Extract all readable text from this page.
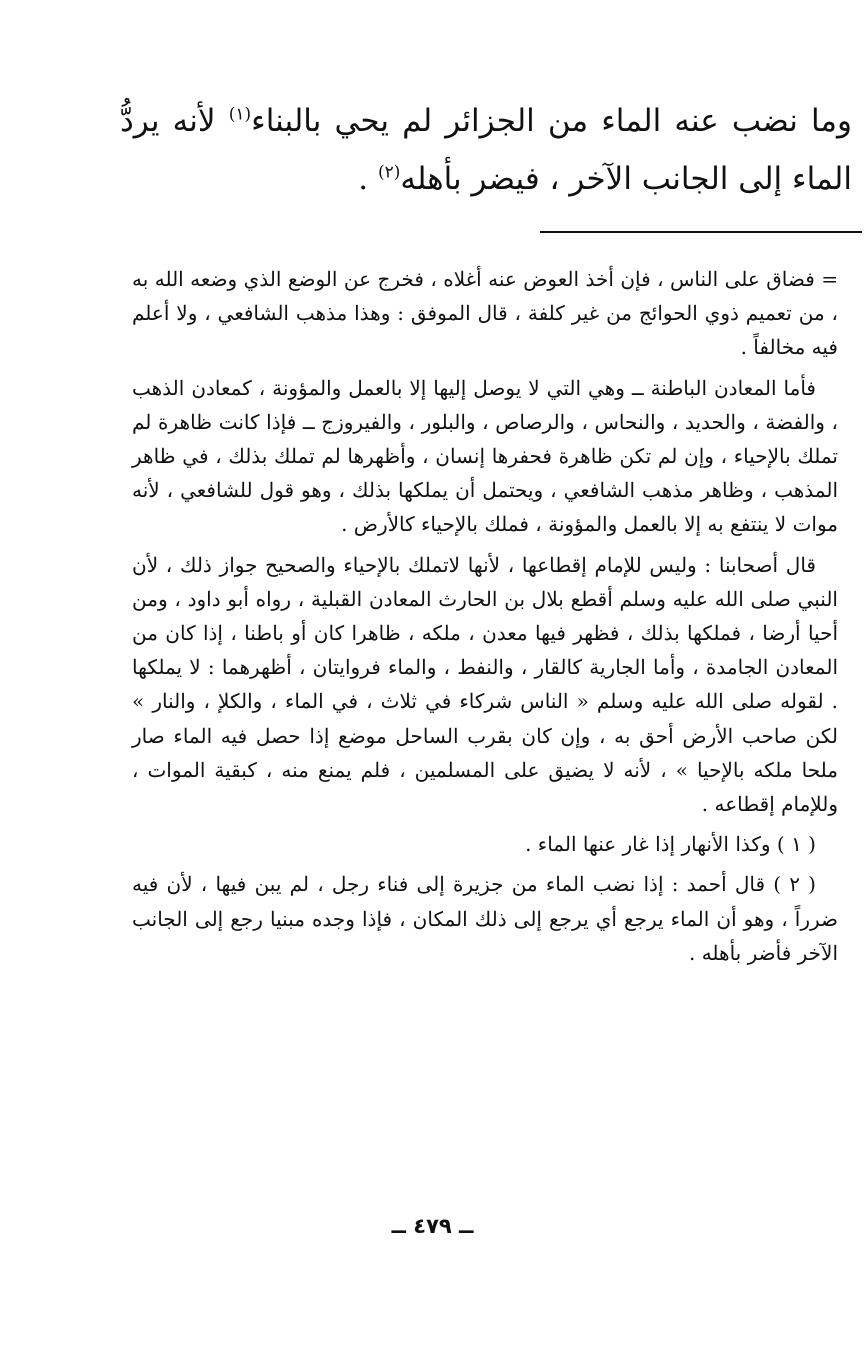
وما نضب عنه الماء من الجزائر لم يحي بالبناء$^{(١)}$ لأنه يردُّ الماء إلى الجانب الآخر ، فيضر بأهله$^{(٢)}$ .

= فضاق على الناس ، فإن أخذ العوض عنه أغلاه ، فخرج عن الوضع الذي وضعه الله به ، من تعميم ذوي الحوائج من غير كلفة ، قال الموفق : وهذا مذهب الشافعي ، ولا أعلم فيه مخالفاً .

فأما المعادن الباطنة ــ وهي التي لا يوصل إليها إلا بالعمل والمؤونة ، كمعادن الذهب ، والفضة ، والحديد ، والنحاس ، والرصاص ، والبلور ، والفيروزج ــ فإذا كانت ظاهرة لم تملك بالإحياء ، وإن لم تكن ظاهرة فحفرها إنسان ، وأظهرها لم تملك بذلك ، في ظاهر المذهب ، وظاهر مذهب الشافعي ، ويحتمل أن يملكها بذلك ، وهو قول للشافعي ، لأنه موات لا ينتفع به إلا بالعمل والمؤونة ، فملك بالإحياء كالأرض .

قال أصحابنا : وليس للإمام إقطاعها ، لأنها لاتملك بالإحياء والصحيح جواز ذلك ، لأن النبي صلى الله عليه وسلم أقطع بلال بن الحارث المعادن القبلية ، رواه أبو داود ، ومن أحيا أرضا ، فملكها بذلك ، فظهر فيها معدن ، ملكه ، ظاهرا كان أو باطنا ، إذا كان من المعادن الجامدة ، وأما الجارية كالقار ، والنفط ، والماء فروايتان ، أظهرهما : لا يملكها . لقوله صلى الله عليه وسلم « الناس شركاء في ثلاث ، في الماء ، والكلإ ، والنار » لكن صاحب الأرض أحق به ، وإن كان بقرب الساحل موضع إذا حصل فيه الماء صار ملحا ملكه بالإحيا » ، لأنه لا يضيق على المسلمين ، فلم يمنع منه ، كبقية الموات ، وللإمام إقطاعه .

( ١ ) وكذا الأنهار إذا غار عنها الماء .

( ٢ ) قال أحمد : إذا نضب الماء من جزيرة إلى فناء رجل ، لم يبن فيها ، لأن فيه ضرراً ، وهو أن الماء يرجع أي يرجع إلى ذلك المكان ، فإذا وجده مبنيا رجع إلى الجانب الآخر فأضر بأهله .

ــ ٤٧٩ ــ
